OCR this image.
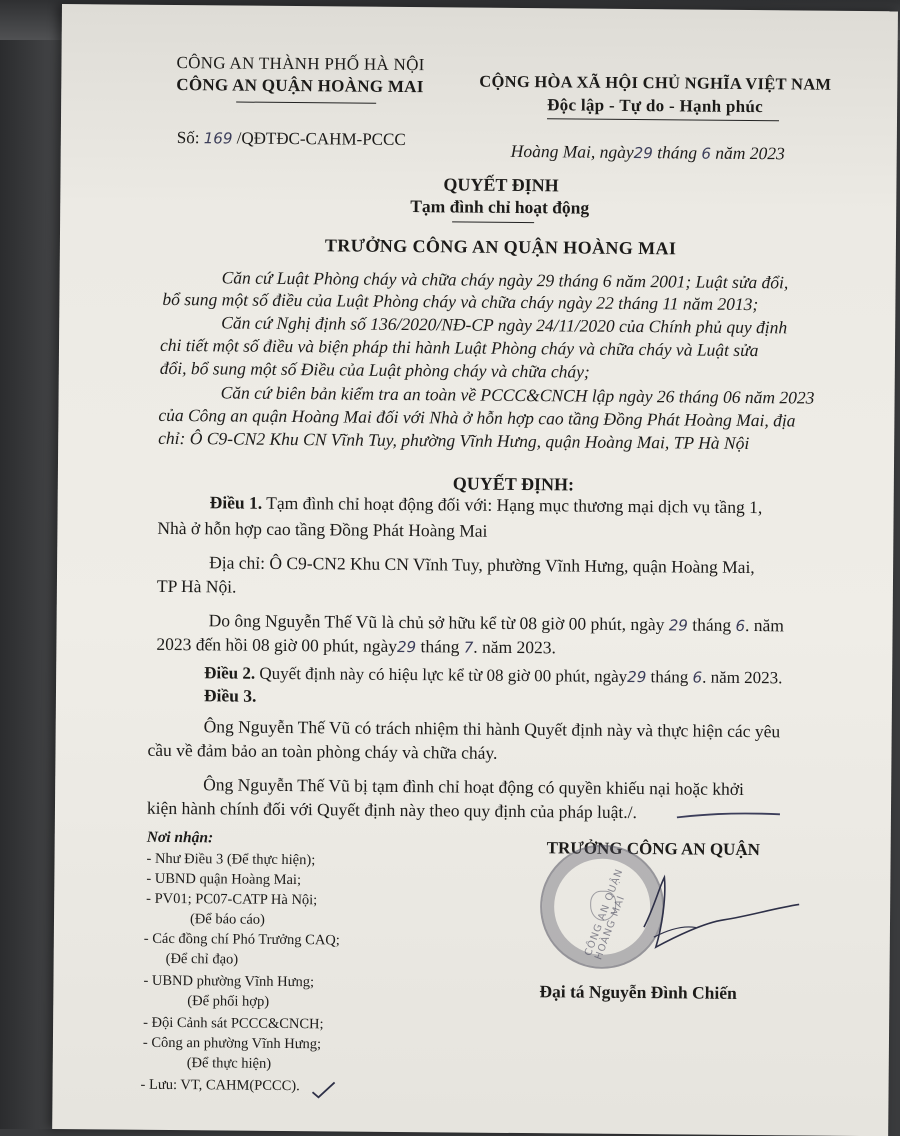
CÔNG AN THÀNH PHỐ HÀ NỘI
CÔNG AN QUẬN HOÀNG MAI	CỘNG HÒA XÃ HỘI CHỦ NGHĨA VIỆT NAM
Độc lập - Tự do - Hạnh phúc
Số: 169 /QĐTĐC-CAHM-PCCC
Hoàng Mai, ngày29 tháng 6 năm 2023
QUYẾT ĐỊNH
Tạm đình chỉ hoạt động
TRƯỞNG CÔNG AN QUẬN HOÀNG MAI
Căn cứ Luật Phòng cháy và chữa cháy ngày 29 tháng 6 năm 2001; Luật sửa đổi,
bổ sung một số điều của Luật Phòng cháy và chữa cháy ngày 22 tháng 11 năm 2013;
Căn cứ Nghị định số 136/2020/NĐ-CP ngày 24/11/2020 của Chính phủ quy định
chi tiết một số điều và biện pháp thi hành Luật Phòng cháy và chữa cháy và Luật sửa
đổi, bổ sung một số Điều của Luật phòng cháy và chữa cháy;
Căn cứ biên bản kiểm tra an toàn về PCCC&CNCH lập ngày 26 tháng 06 năm 2023
của Công an quận Hoàng Mai đối với Nhà ở hỗn hợp cao tầng Đồng Phát Hoàng Mai, địa
chỉ: Ô C9-CN2 Khu CN Vĩnh Tuy, phường Vĩnh Hưng, quận Hoàng Mai, TP Hà Nội
QUYẾT ĐỊNH:
Điều 1. Tạm đình chỉ hoạt động đối với: Hạng mục thương mại dịch vụ tầng 1,
Nhà ở hỗn hợp cao tầng Đồng Phát Hoàng Mai
Địa chỉ: Ô C9-CN2 Khu CN Vĩnh Tuy, phường Vĩnh Hưng, quận Hoàng Mai,
TP Hà Nội.
Do ông Nguyễn Thế Vũ là chủ sở hữu kể từ 08 giờ 00 phút, ngày 29 tháng 6. năm
2023 đến hồi 08 giờ 00 phút, ngày29 tháng 7. năm 2023.
Điều 2. Quyết định này có hiệu lực kể từ 08 giờ 00 phút, ngày29 tháng 6. năm 2023.
Điều 3.
Ông Nguyễn Thế Vũ có trách nhiệm thi hành Quyết định này và thực hiện các yêu
cầu về đảm bảo an toàn phòng cháy và chữa cháy.
Ông Nguyễn Thế Vũ bị tạm đình chỉ hoạt động có quyền khiếu nại hoặc khởi
kiện hành chính đối với Quyết định này theo quy định của pháp luật./.
Nơi nhận:
- Như Điều 3 (Để thực hiện);
- UBND quận Hoàng Mai;
- PV01; PC07-CATP Hà Nội;
(Để báo cáo)
- Các đồng chí Phó Trưởng CAQ;
(Để chỉ đạo)
- UBND phường Vĩnh Hưng;
(Để phối hợp)
- Đội Cảnh sát PCCC&CNCH;
- Công an phường Vĩnh Hưng;
(Để thực hiện)
- Lưu: VT, CAHM(PCCC).
TRƯỞNG CÔNG AN QUẬN
CÔNG AN QUẬN HOÀNG MAI
Đại tá Nguyễn Đình Chiến
